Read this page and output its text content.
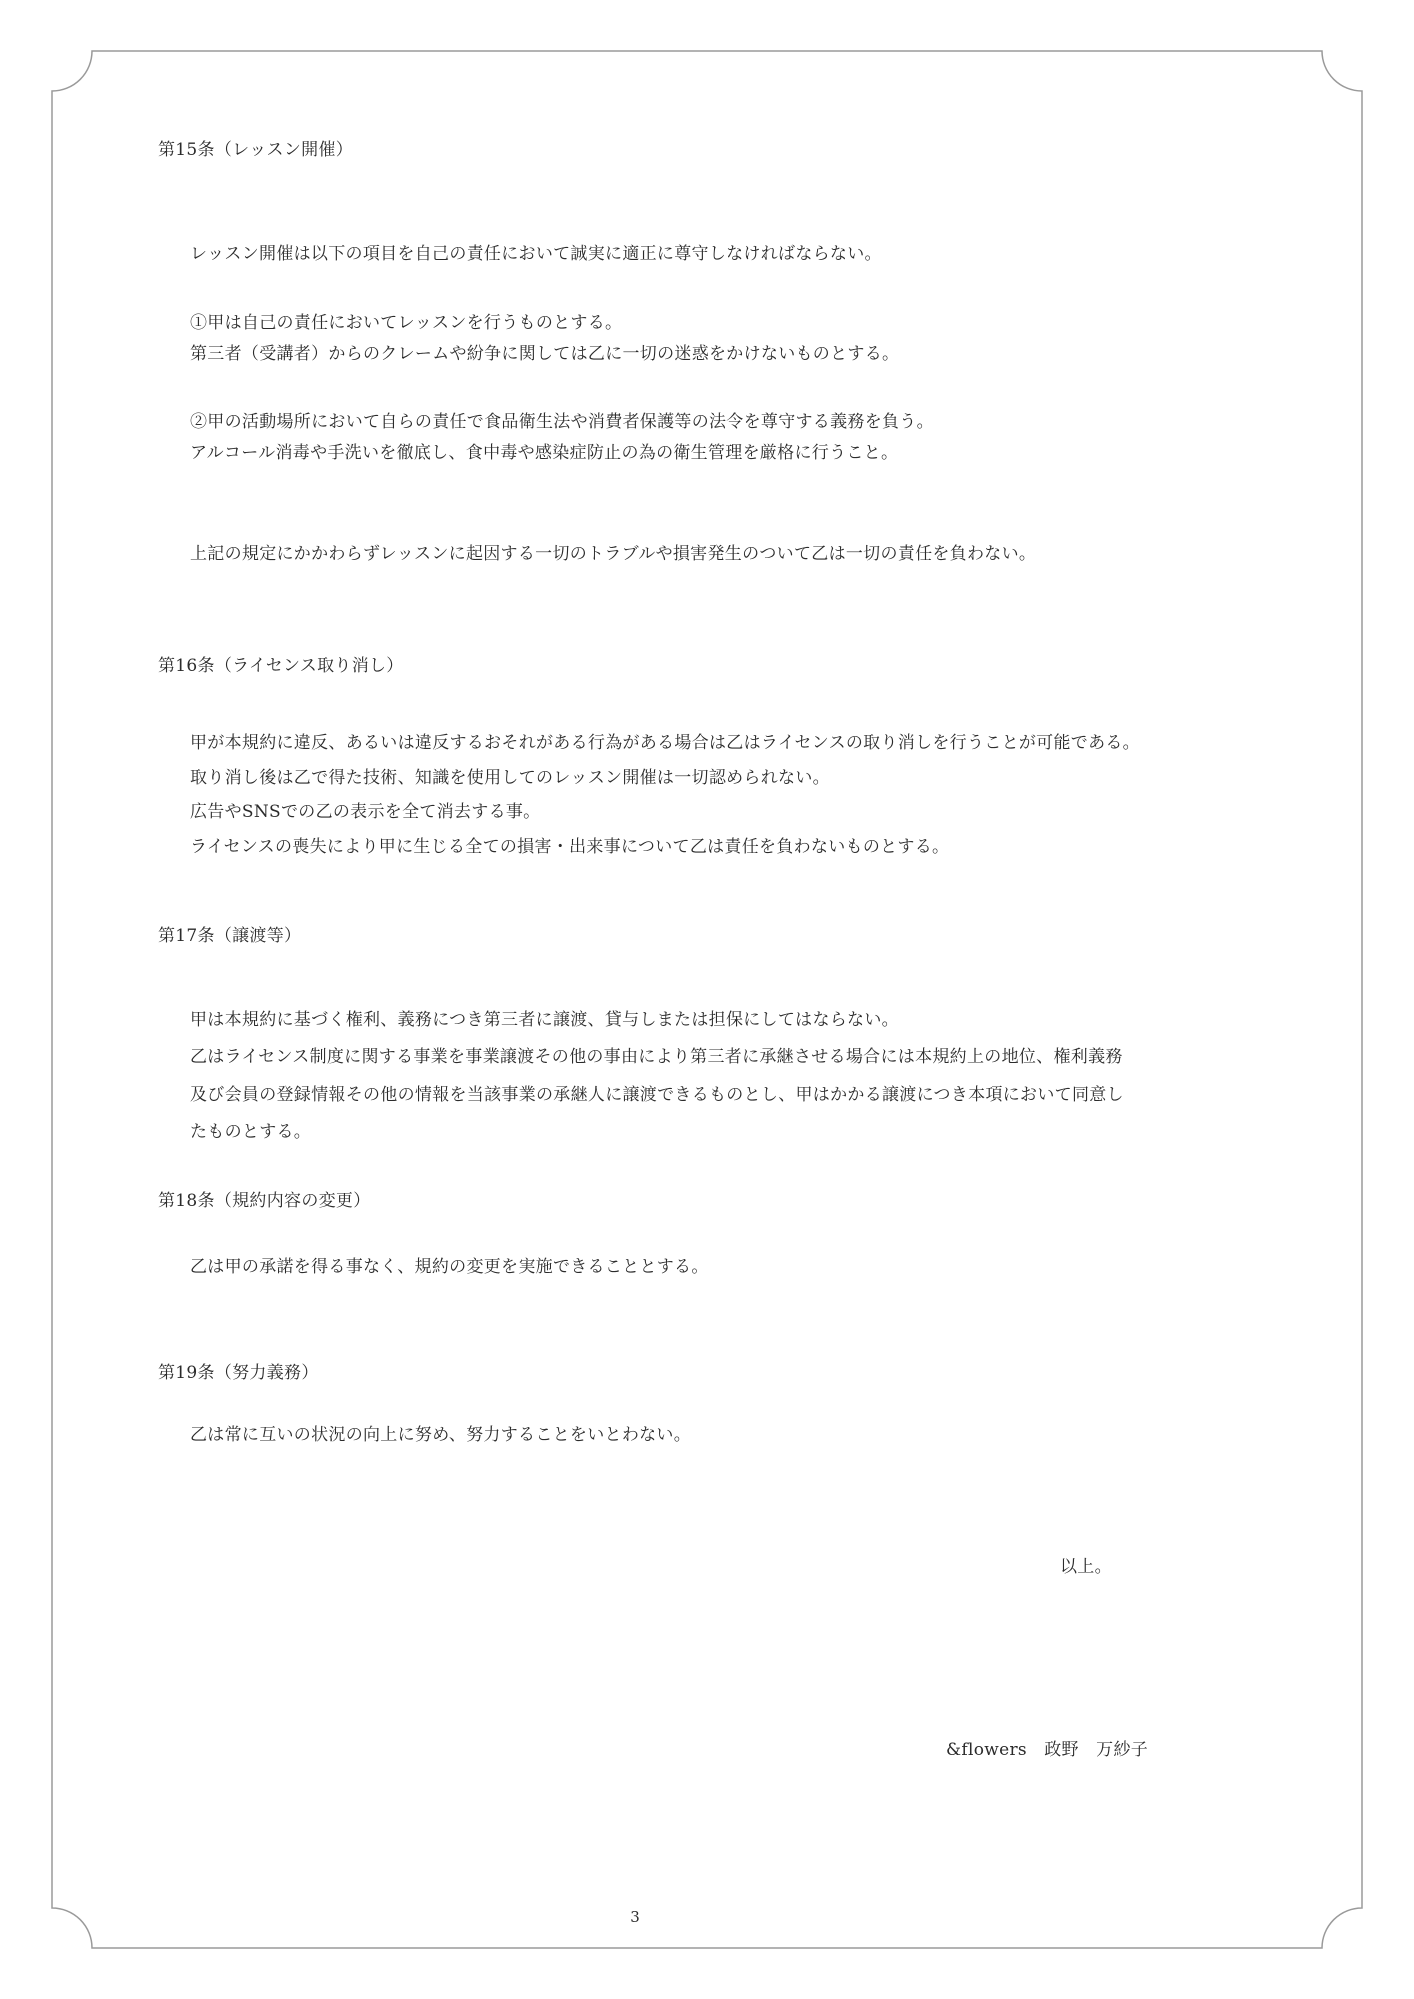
第15条（レッスン開催）

レッスン開催は以下の項目を自己の責任において誠実に適正に尊守しなければならない。

①甲は自己の責任においてレッスンを行うものとする。

第三者（受講者）からのクレームや紛争に関しては乙に一切の迷惑をかけないものとする。

②甲の活動場所において自らの責任で食品衛生法や消費者保護等の法令を尊守する義務を負う。

アルコール消毒や手洗いを徹底し、食中毒や感染症防止の為の衛生管理を厳格に行うこと。

上記の規定にかかわらずレッスンに起因する一切のトラブルや損害発生のついて乙は一切の責任を負わない。

第16条（ライセンス取り消し）

甲が本規約に違反、あるいは違反するおそれがある行為がある場合は乙はライセンスの取り消しを行うことが可能である。

取り消し後は乙で得た技術、知識を使用してのレッスン開催は一切認められない。

広告やSNSでの乙の表示を全て消去する事。

ライセンスの喪失により甲に生じる全ての損害・出来事について乙は責任を負わないものとする。

第17条（譲渡等）

甲は本規約に基づく権利、義務につき第三者に譲渡、貸与しまたは担保にしてはならない。

乙はライセンス制度に関する事業を事業譲渡その他の事由により第三者に承継させる場合には本規約上の地位、権利義務

及び会員の登録情報その他の情報を当該事業の承継人に譲渡できるものとし、甲はかかる譲渡につき本項において同意し

たものとする。

第18条（規約内容の変更）

乙は甲の承諾を得る事なく、規約の変更を実施できることとする。

第19条（努力義務）

乙は常に互いの状況の向上に努め、努力することをいとわない。

以上。

&flowers　政野　万紗子

3
